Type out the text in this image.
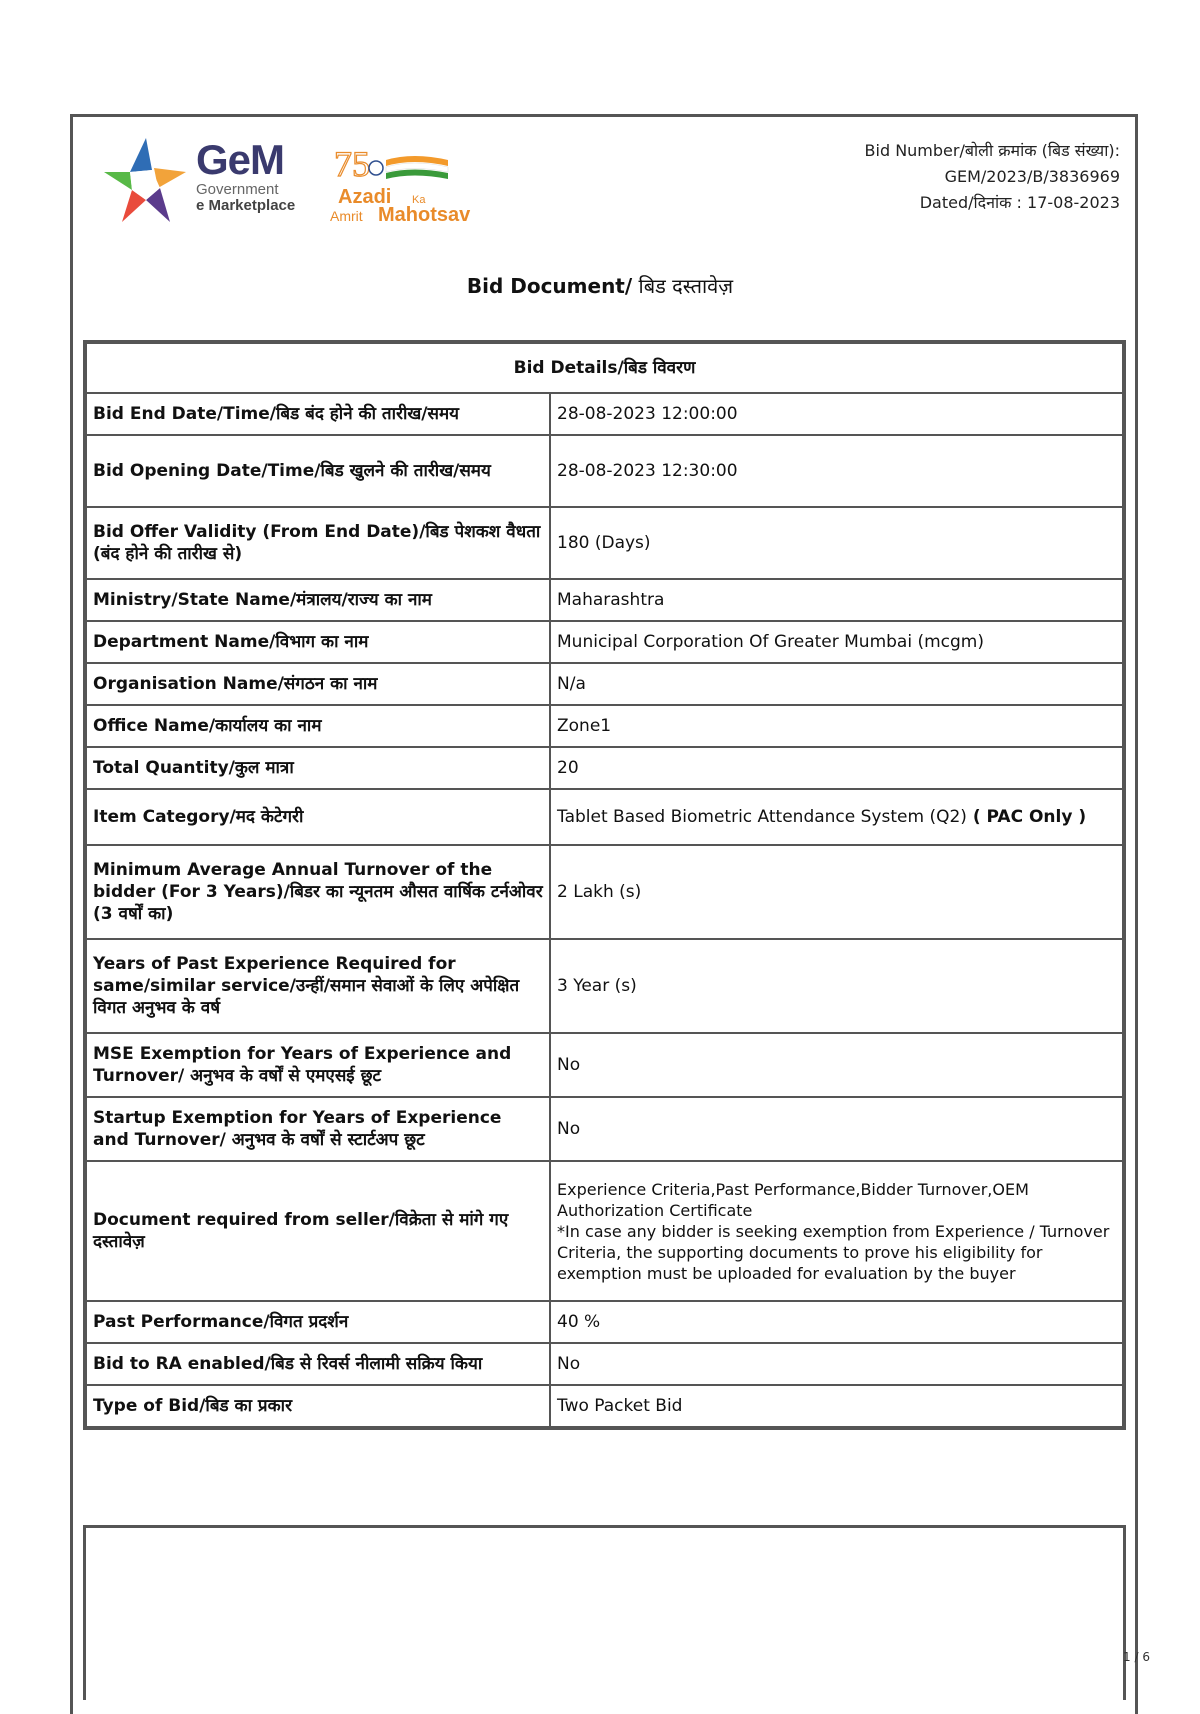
GeM
Government
e Marketplace
75
Azadi Ka
Amrit Mahotsav
Bid Number/बोली क्रमांक (बिड संख्या):
GEM/2023/B/3836969
Dated/दिनांक : 17-08-2023
Bid Document/ बिड दस्तावेज़
Bid Details/बिड विवरण	
Bid End Date/Time/बिड बंद होने की तारीख/समय	28-08-2023 12:00:00
Bid Opening Date/Time/बिड खुलने की तारीख/समय	28-08-2023 12:30:00
Bid Offer Validity (From End Date)/बिड पेशकश वैधता (बंद होने की तारीख से)	180 (Days)
Ministry/State Name/मंत्रालय/राज्य का नाम	Maharashtra
Department Name/विभाग का नाम	Municipal Corporation Of Greater Mumbai (mcgm)
Organisation Name/संगठन का नाम	N/a
Office Name/कार्यालय का नाम	Zone1
Total Quantity/कुल मात्रा	20
Item Category/मद केटेगरी	Tablet Based Biometric Attendance System (Q2) ( PAC Only )
Minimum Average Annual Turnover of the bidder (For 3 Years)/बिडर का न्यूनतम औसत वार्षिक टर्नओवर (3 वर्षों का)	2 Lakh (s)
Years of Past Experience Required for same/similar service/उन्हीं/समान सेवाओं के लिए अपेक्षित विगत अनुभव के वर्ष	3 Year (s)
MSE Exemption for Years of Experience and Turnover/ अनुभव के वर्षों से एमएसई छूट	No
Startup Exemption for Years of Experience and Turnover/ अनुभव के वर्षों से स्टार्टअप छूट	No
Document required from seller/विक्रेता से मांगे गए दस्तावेज़	Experience Criteria,Past Performance,Bidder Turnover,OEM Authorization Certificate
*In case any bidder is seeking exemption from Experience / Turnover Criteria, the supporting documents to prove his eligibility for exemption must be uploaded for evaluation by the buyer

Past Performance/विगत प्रदर्शन	40 %
Bid to RA enabled/बिड से रिवर्स नीलामी सक्रिय किया	No
Type of Bid/बिड का प्रकार	Two Packet Bid
1 / 6
